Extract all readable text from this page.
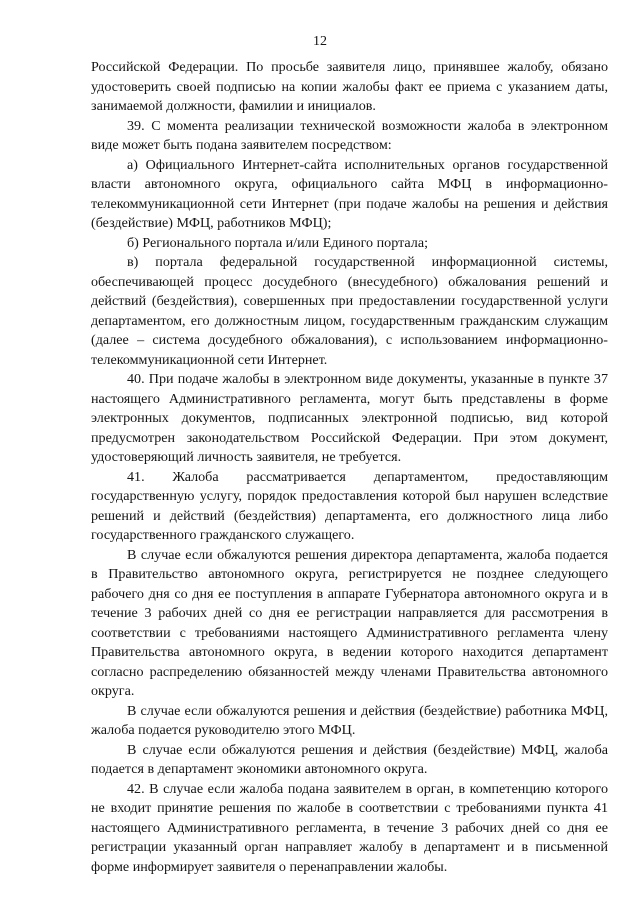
12

Российской Федерации. По просьбе заявителя лицо, принявшее жалобу, обязано удостоверить своей подписью на копии жалобы факт ее приема с указанием даты, занимаемой должности, фамилии и инициалов.

39. С момента реализации технической возможности жалоба в электронном виде может быть подана заявителем посредством:

а) Официального Интернет-сайта исполнительных органов государственной власти автономного округа, официального сайта МФЦ в информационно-телекоммуникационной сети Интернет (при подаче жалобы на решения и действия (бездействие) МФЦ, работников МФЦ);

б) Регионального портала и/или Единого портала;

в) портала федеральной государственной информационной системы, обеспечивающей процесс досудебного (внесудебного) обжалования решений и действий (бездействия), совершенных при предоставлении государственной услуги департаментом, его должностным лицом, государственным гражданским служащим (далее – система досудебного обжалования), с использованием информационно-телекоммуникационной сети Интернет.

40. При подаче жалобы в электронном виде документы, указанные в пункте 37 настоящего Административного регламента, могут быть представлены в форме электронных документов, подписанных электронной подписью, вид которой предусмотрен законодательством Российской Федерации. При этом документ, удостоверяющий личность заявителя, не требуется.

41. Жалоба рассматривается департаментом, предоставляющим государственную услугу, порядок предоставления которой был нарушен вследствие решений и действий (бездействия) департамента, его должностного лица либо государственного гражданского служащего.

В случае если обжалуются решения директора департамента, жалоба подается в Правительство автономного округа, регистрируется не позднее следующего рабочего дня со дня ее поступления в аппарате Губернатора автономного округа и в течение 3 рабочих дней со дня ее регистрации направляется для рассмотрения в соответствии с требованиями настоящего Административного регламента члену Правительства автономного округа, в ведении которого находится департамент согласно распределению обязанностей между членами Правительства автономного округа.

В случае если обжалуются решения и действия (бездействие) работника МФЦ, жалоба подается руководителю этого МФЦ.

В случае если обжалуются решения и действия (бездействие) МФЦ, жалоба подается в департамент экономики автономного округа.

42. В случае если жалоба подана заявителем в орган, в компетенцию которого не входит принятие решения по жалобе в соответствии с требованиями пункта 41 настоящего Административного регламента, в течение 3 рабочих дней со дня ее регистрации указанный орган направляет жалобу в департамент и в письменной форме информирует заявителя о перенаправлении жалобы.
